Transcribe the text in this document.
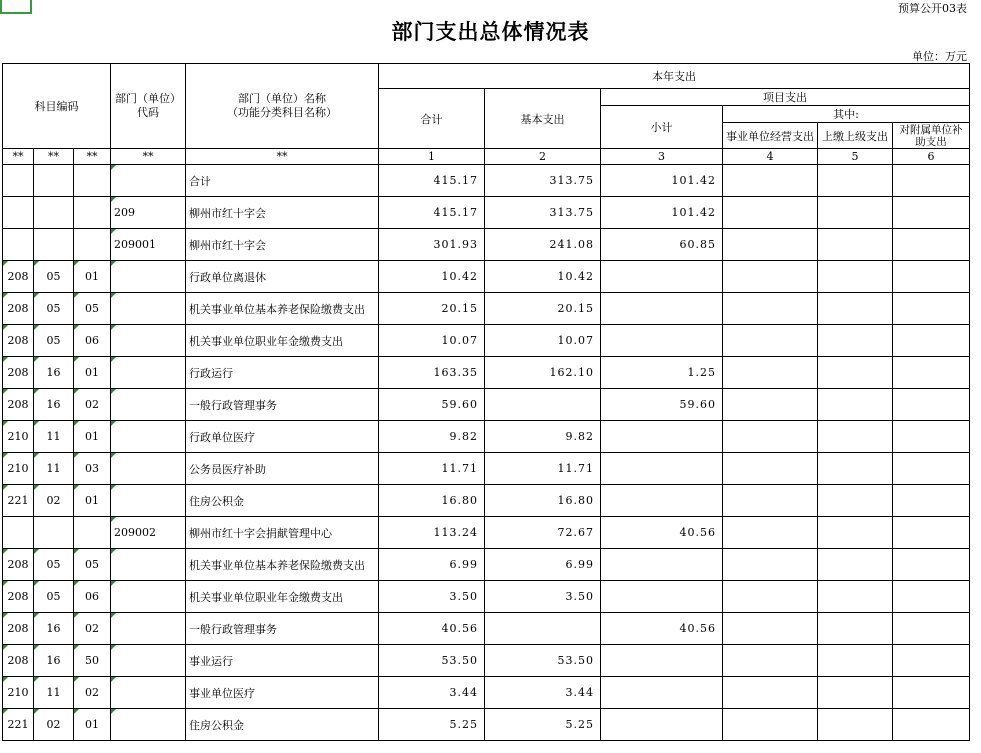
预算公开03表
部门支出总体情况表
单位：万元
科目编码			部门（单位）代码	部门（单位）名称
（功能分类科目名称）	本年支出					
					合计	基本支出	项目支出			
							小计	其中:		
								事业单位经营支出	上缴上级支出	对附属单位补助支出
**	**	**	**	**	1	2	3	4	5	6
				合计	415.17	313.75	101.42			
			209	柳州市红十字会	415.17	313.75	101.42			
			209001	柳州市红十字会	301.93	241.08	60.85			
208	05	01		行政单位离退休	10.42	10.42				
208	05	05		机关事业单位基本养老保险缴费支出	20.15	20.15				
208	05	06		机关事业单位职业年金缴费支出	10.07	10.07				
208	16	01		行政运行	163.35	162.10	1.25			
208	16	02		一般行政管理事务	59.60		59.60			
210	11	01		行政单位医疗	9.82	9.82				
210	11	03		公务员医疗补助	11.71	11.71				
221	02	01		住房公积金	16.80	16.80				
			209002	柳州市红十字会捐献管理中心	113.24	72.67	40.56			
208	05	05		机关事业单位基本养老保险缴费支出	6.99	6.99				
208	05	06		机关事业单位职业年金缴费支出	3.50	3.50				
208	16	02		一般行政管理事务	40.56		40.56			
208	16	50		事业运行	53.50	53.50				
210	11	02		事业单位医疗	3.44	3.44				
221	02	01		住房公积金	5.25	5.25				
